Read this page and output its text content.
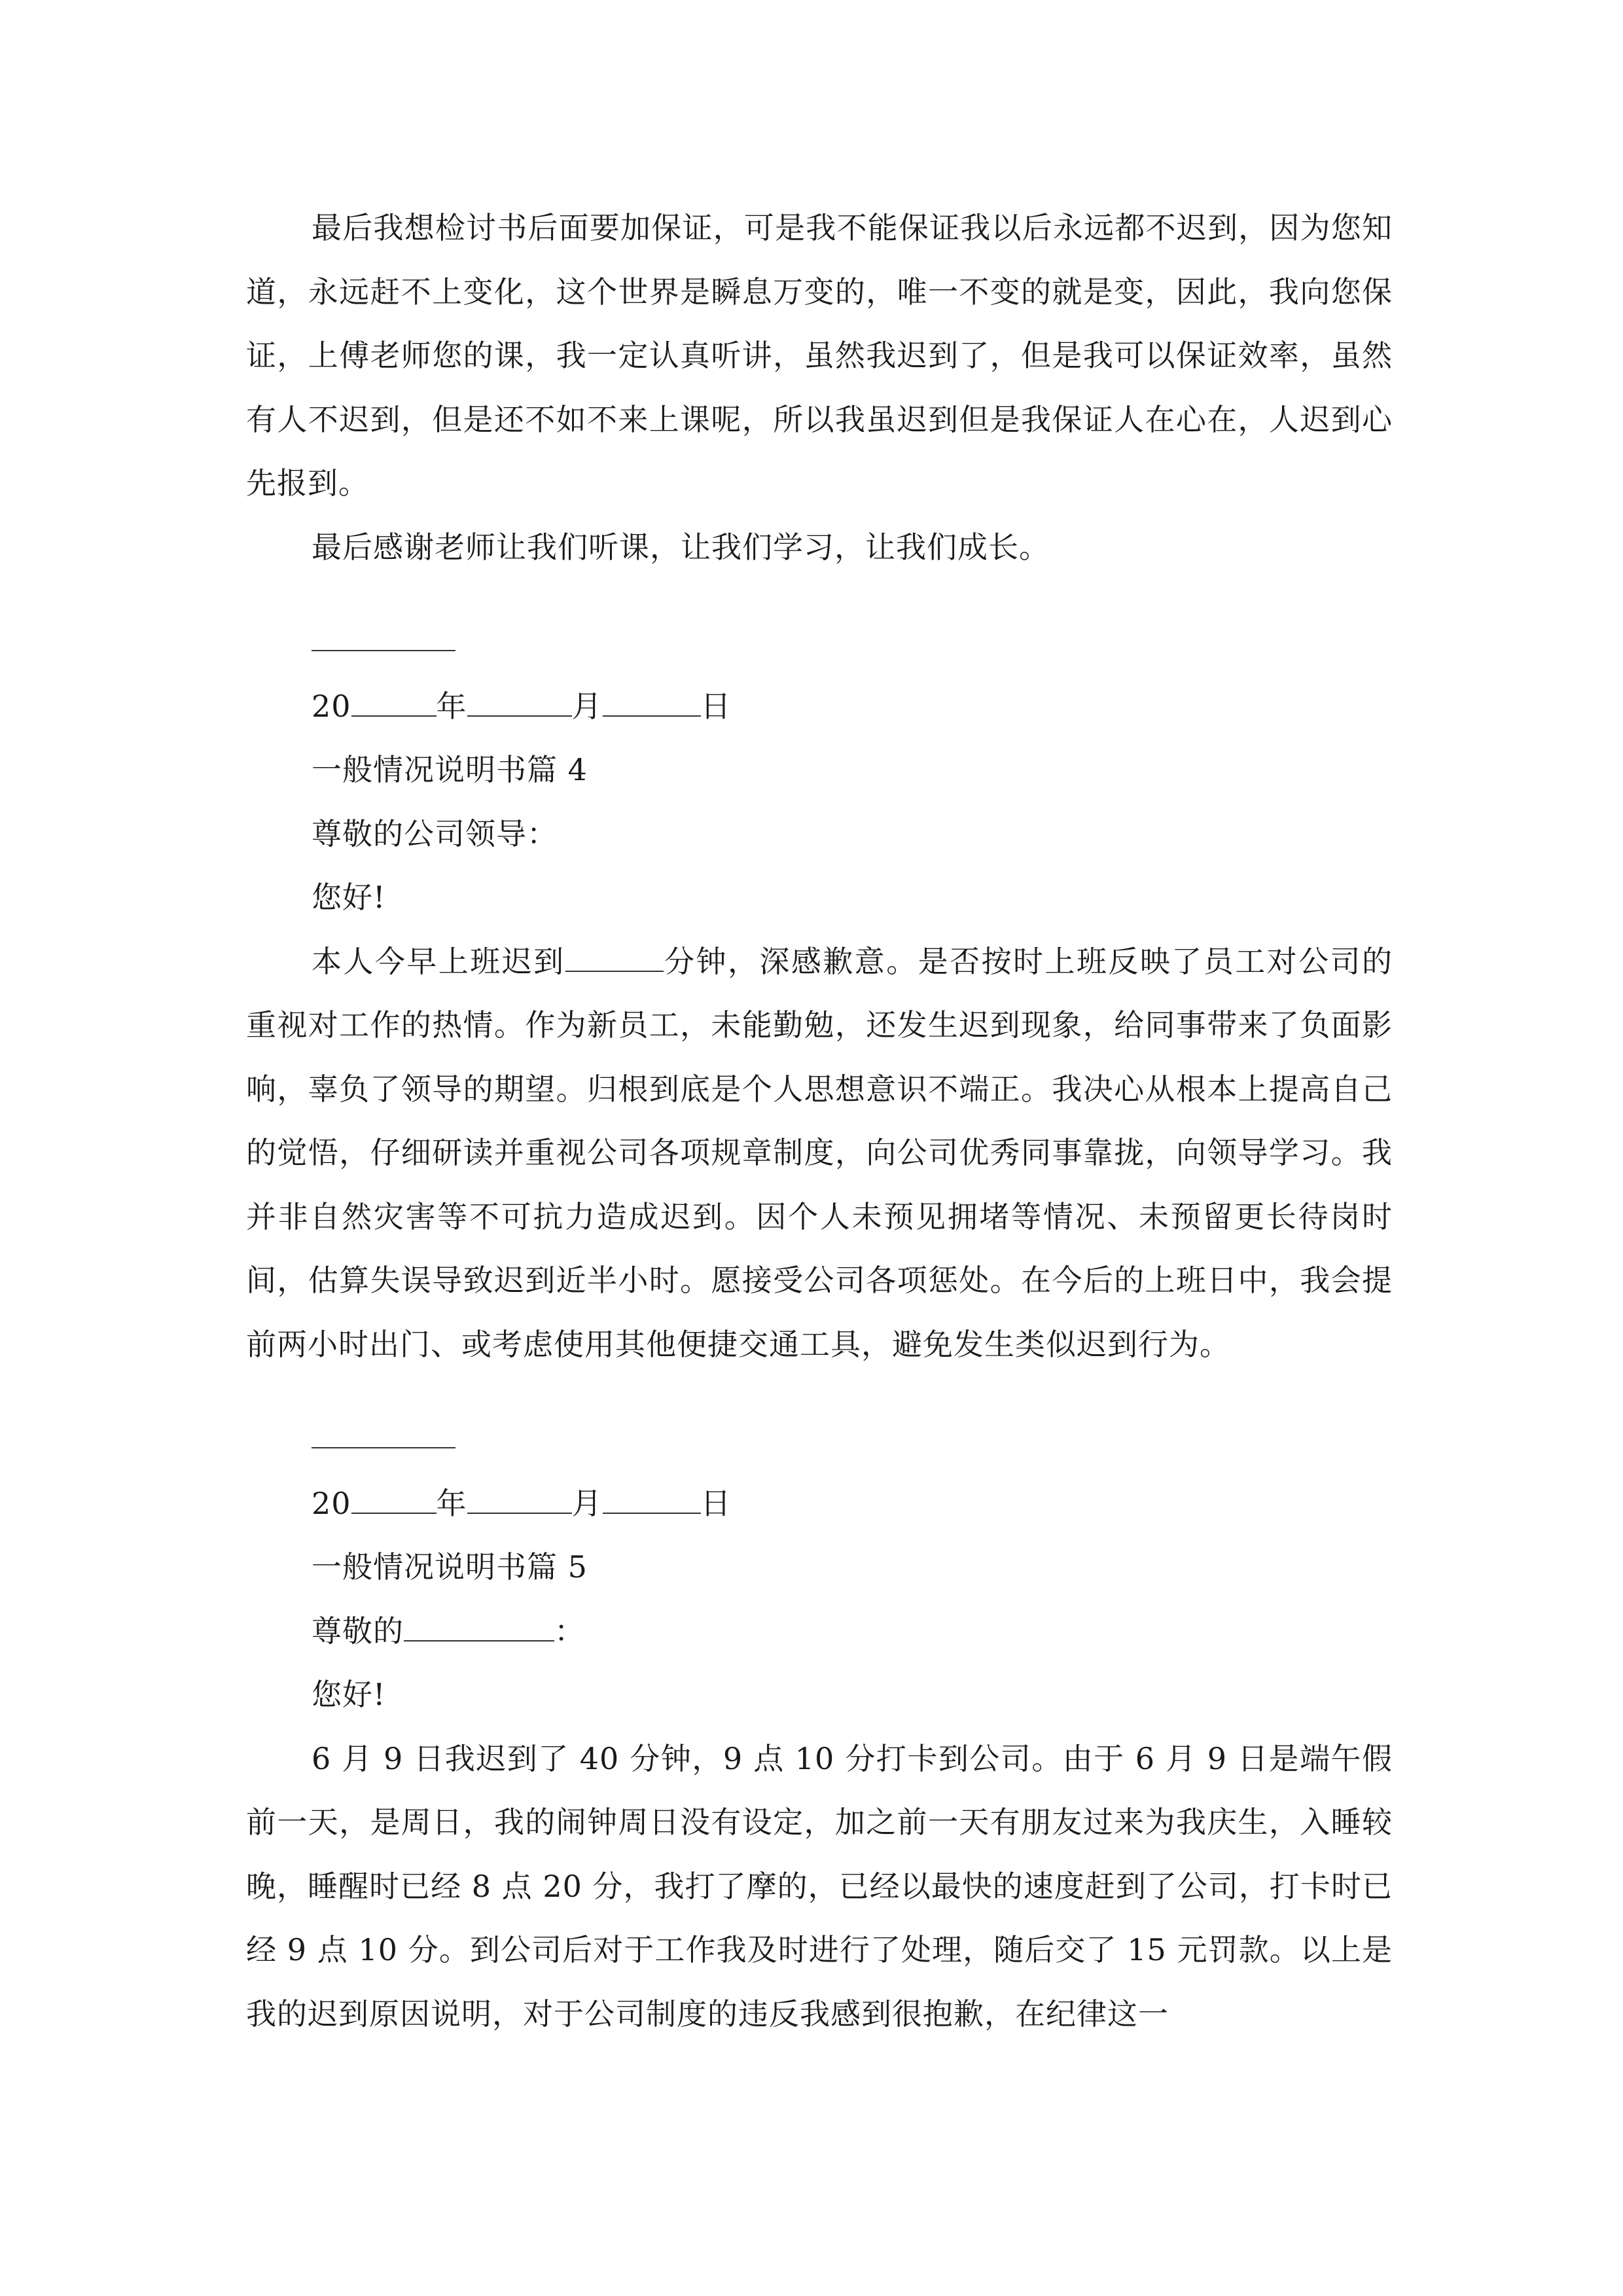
最后我想检讨书后面要加保证，可是我不能保证我以后永远都不迟到，因为您知道，永远赶不上变化，这个世界是瞬息万变的，唯一不变的就是变，因此，我向您保证，上傅老师您的课，我一定认真听讲，虽然我迟到了，但是我可以保证效率，虽然有人不迟到，但是还不如不来上课呢，所以我虽迟到但是我保证人在心在，人迟到心先报到。

最后感谢老师让我们听课，让我们学习，让我们成长。

20	年	月	日
一般情况说明书篇 4
尊敬的公司领导：
您好!

本人今早上班迟到	分钟，深感歉意。是否按时上班反映了员工对公司的重视对工作的热情。作为新员工，未能勤勉，还发生迟到现象，给同事带来了负面影响，辜负了领导的期望。归根到底是个人思想意识不端正。我决心从根本上提高自己的觉悟，仔细研读并重视公司各项规章制度，向公司优秀同事靠拢，向领导学习。我并非自然灾害等不可抗力造成迟到。因个人未预见拥堵等情况、未预留更长待岗时间，估算失误导致迟到近半小时。愿接受公司各项惩处。在今后的上班日中，我会提前两小时出门、或考虑使用其他便捷交通工具，避免发生类似迟到行为。

20	年	月	日
一般情况说明书篇 5
尊敬的	：
您好!

6 月 9 日我迟到了 40 分钟，9 点 10 分打卡到公司。由于 6 月 9 日是端午假前一天，是周日，我的闹钟周日没有设定，加之前一天有朋友过来为我庆生，入睡较晚，睡醒时已经 8 点 20 分，我打了摩的，已经以最快的速度赶到了公司，打卡时已经 9 点 10 分。到公司后对于工作我及时进行了处理，随后交了 15 元罚款。以上是我的迟到原因说明，对于公司制度的违反我感到很抱歉，在纪律这一
